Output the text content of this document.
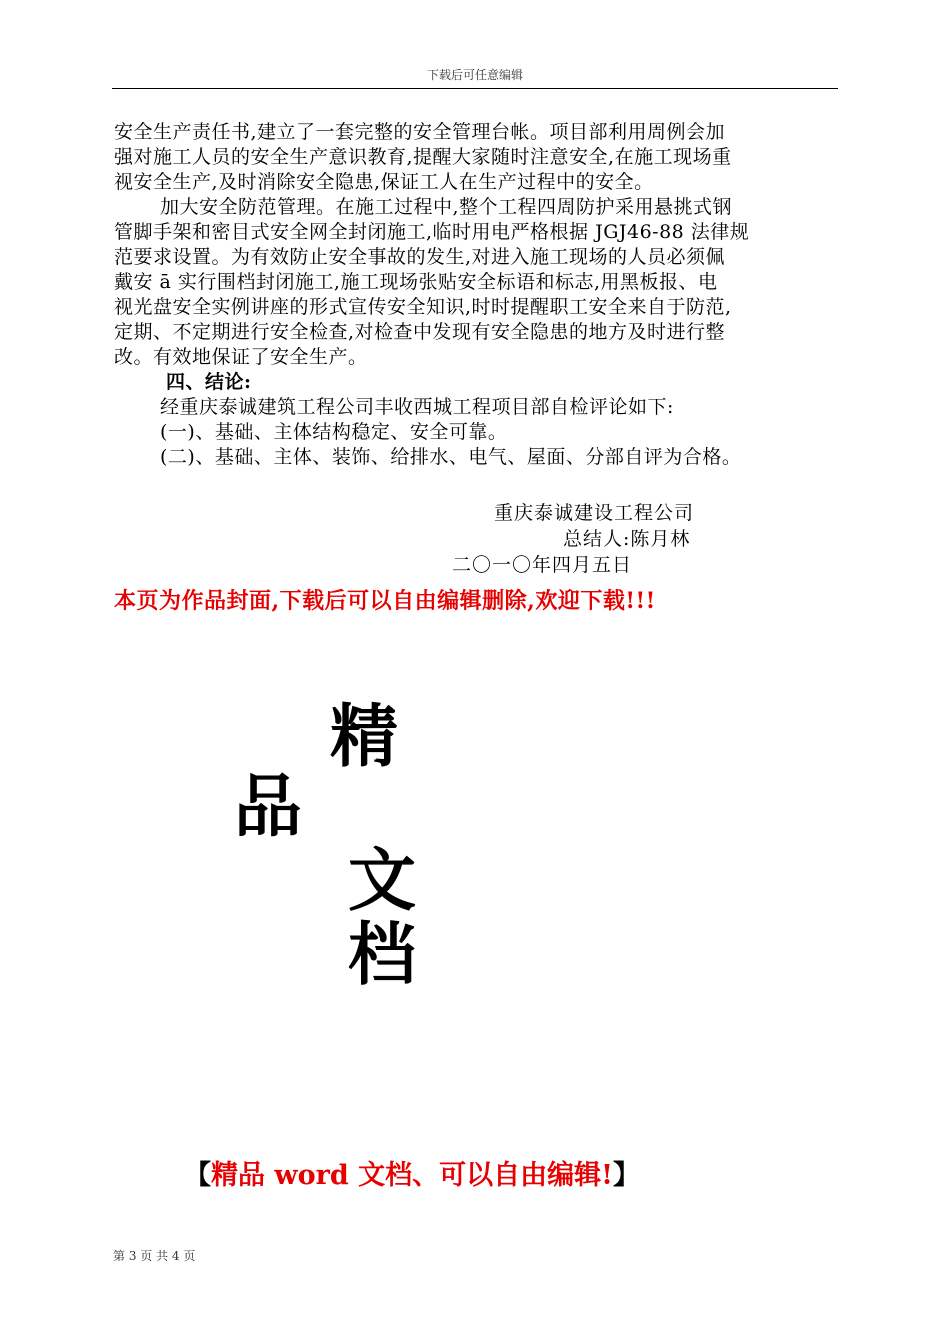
下载后可任意编辑

安全生产责任书,建立了一套完整的安全管理台帐。项目部利用周例会加

强对施工人员的安全生产意识教育,提醒大家随时注意安全,在施工现场重

视安全生产,及时消除安全隐患,保证工人在生产过程中的安全。

加大安全防范管理。在施工过程中,整个工程四周防护采用悬挑式钢

管脚手架和密目式安全网全封闭施工,临时用电严格根据 JGJ46-88 法律规

范要求设置。为有效防止安全事故的发生,对进入施工现场的人员必须佩

戴安 ā 实行围档封闭施工,施工现场张贴安全标语和标志,用黑板报、电

视光盘安全实例讲座的形式宣传安全知识,时时提醒职工安全来自于防范,

定期、不定期进行安全检查,对检查中发现有安全隐患的地方及时进行整

改。有效地保证了安全生产。

四、结论:

经重庆泰诚建筑工程公司丰收西城工程项目部自检评论如下:

(一)、基础、主体结构稳定、安全可靠。

(二)、基础、主体、装饰、给排水、电气、屋面、分部自评为合格。

重庆泰诚建设工程公司
总结人:陈月林
二〇一〇年四月五日
本页为作品封面,下载后可以自由编辑删除,欢迎下载!!!
精
品
文
档
【精品 word 文档、可以自由编辑!】
第 3 页 共 4 页
